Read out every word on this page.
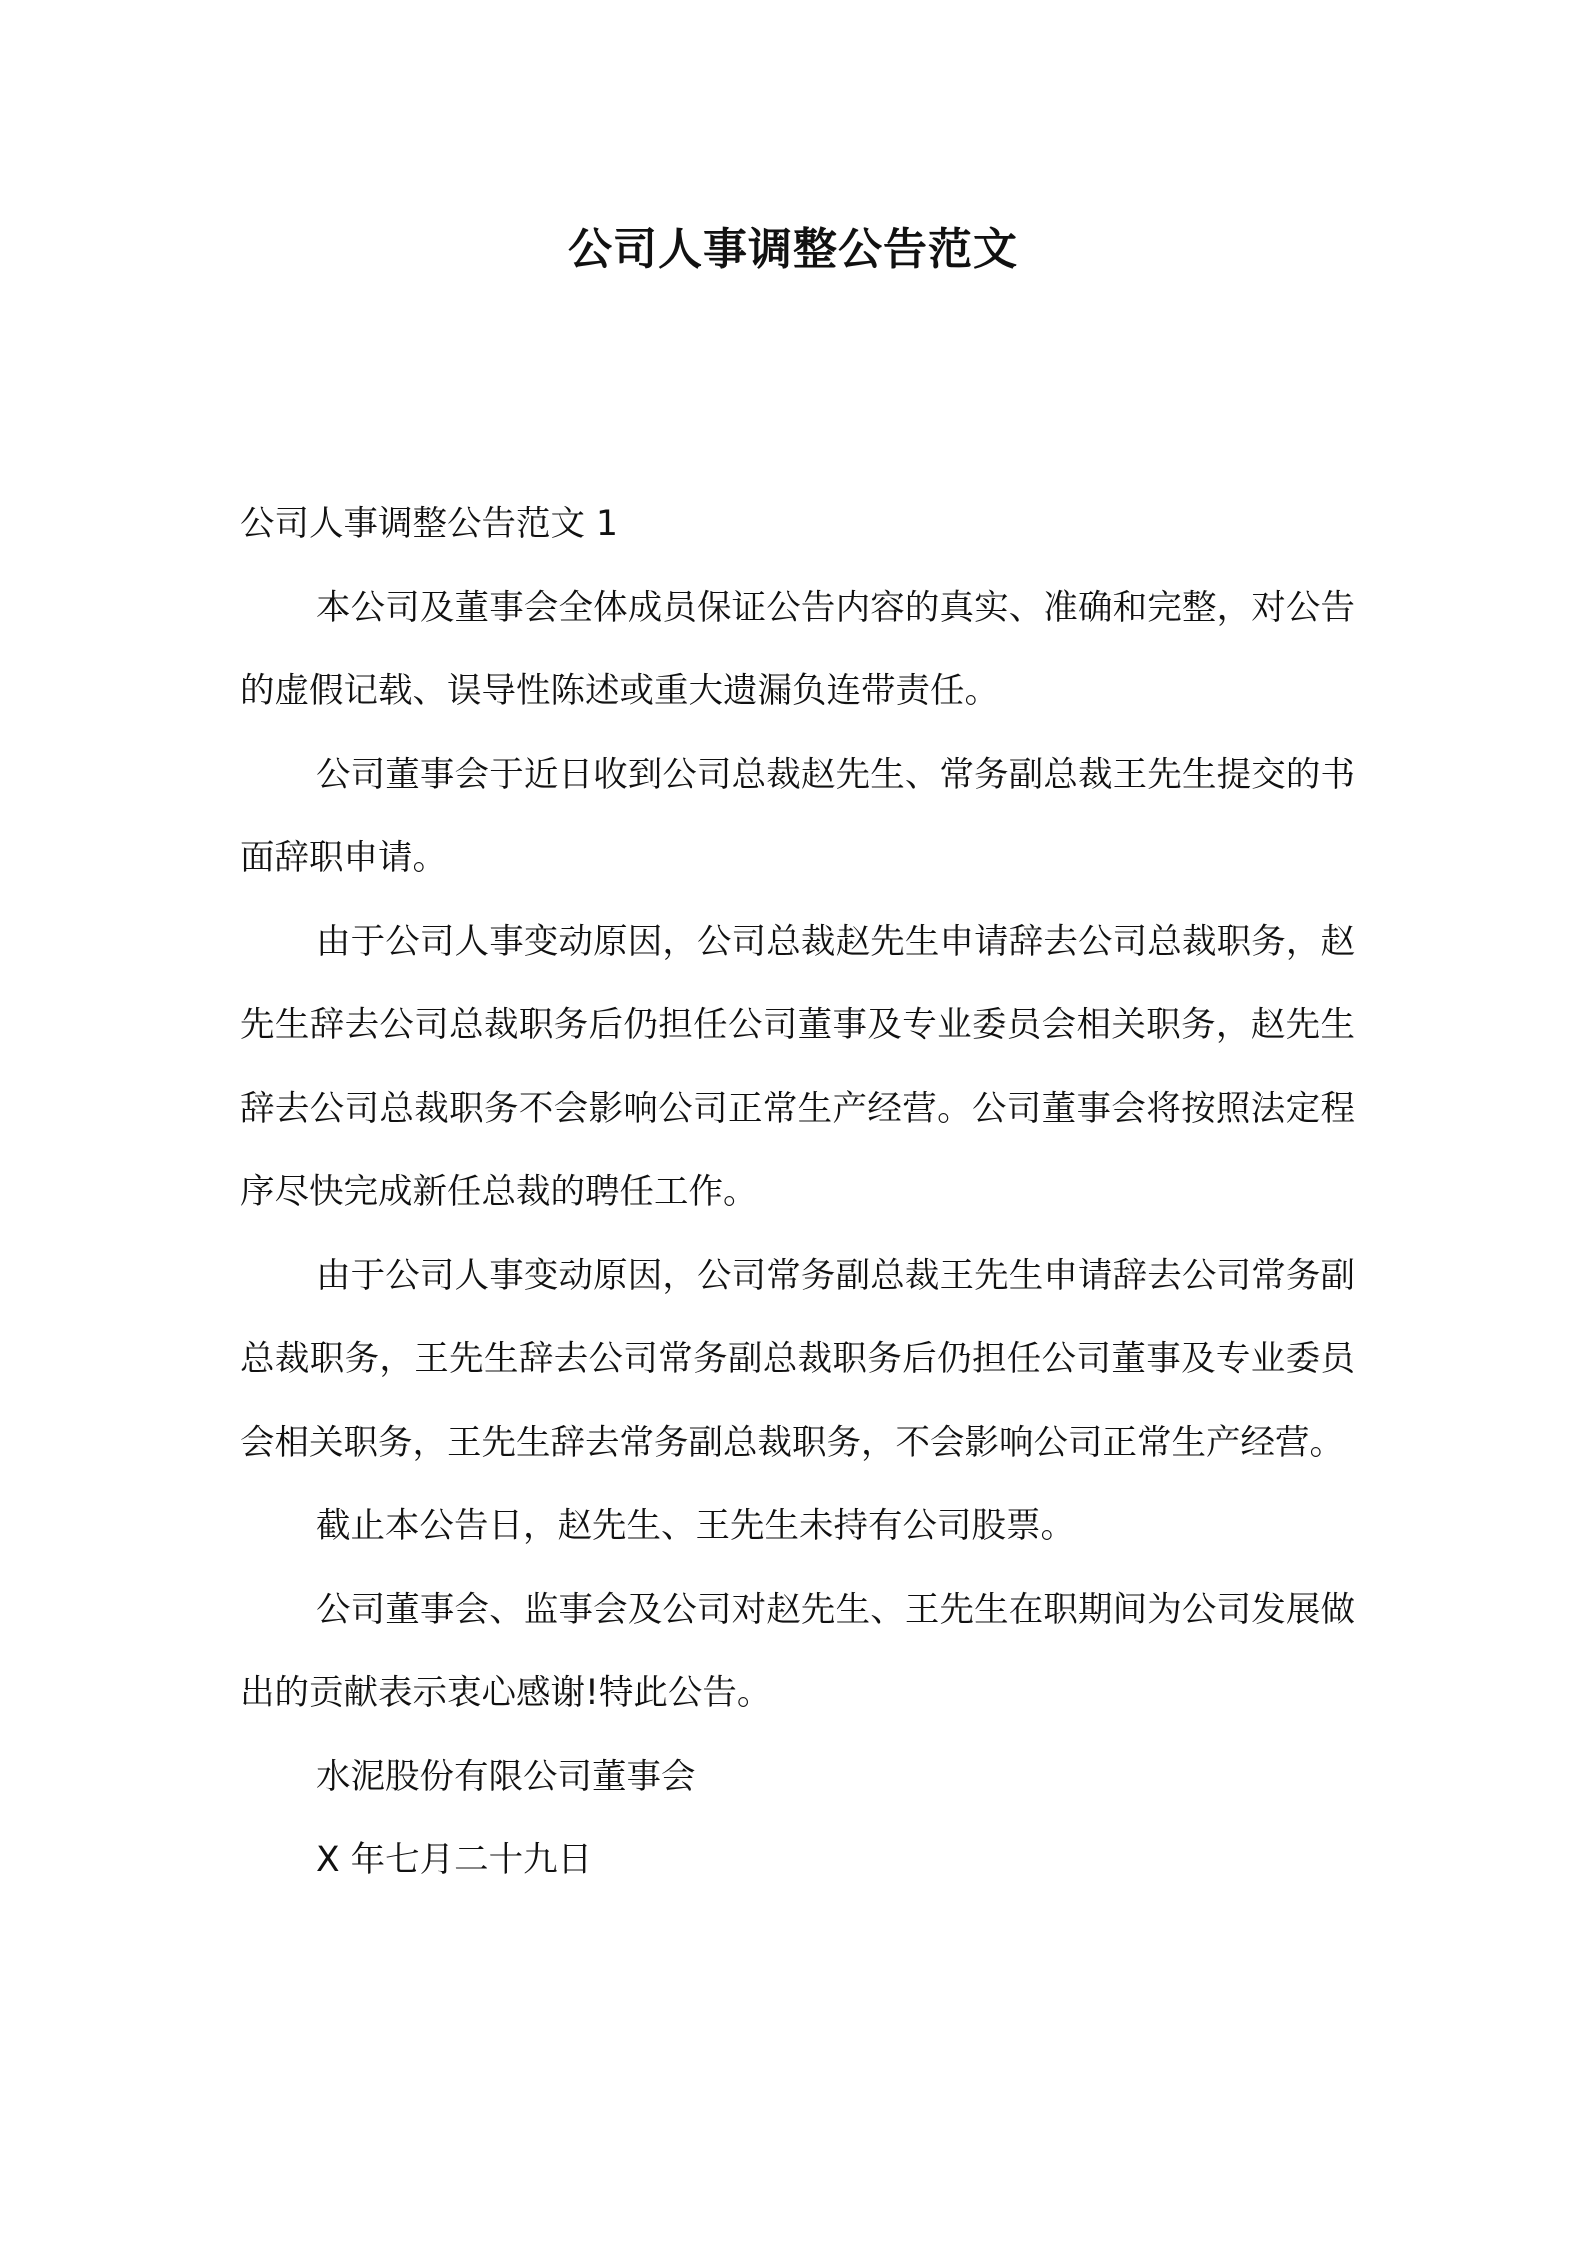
公司人事调整公告范文

公司人事调整公告范文 1

本公司及董事会全体成员保证公告内容的真实、准确和完整，对公告的虚假记载、误导性陈述或重大遗漏负连带责任。

公司董事会于近日收到公司总裁赵先生、常务副总裁王先生提交的书面辞职申请。

由于公司人事变动原因，公司总裁赵先生申请辞去公司总裁职务，赵先生辞去公司总裁职务后仍担任公司董事及专业委员会相关职务，赵先生辞去公司总裁职务不会影响公司正常生产经营。公司董事会将按照法定程序尽快完成新任总裁的聘任工作。

由于公司人事变动原因，公司常务副总裁王先生申请辞去公司常务副总裁职务，王先生辞去公司常务副总裁职务后仍担任公司董事及专业委员会相关职务，王先生辞去常务副总裁职务，不会影响公司正常生产经营。

截止本公告日，赵先生、王先生未持有公司股票。

公司董事会、监事会及公司对赵先生、王先生在职期间为公司发展做出的贡献表示衷心感谢!特此公告。

水泥股份有限公司董事会

X 年七月二十九日
